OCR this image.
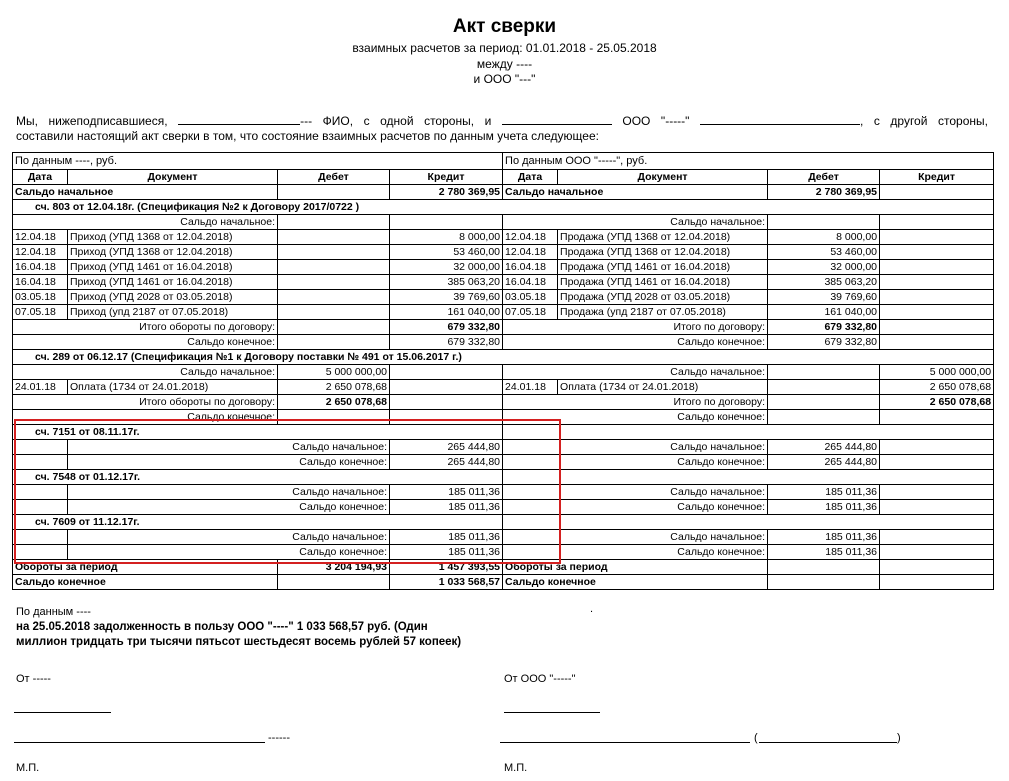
Акт сверки
взаимных расчетов за период: 01.01.2018 - 25.05.2018
между ----
и ООО "---"
Мы, нижеподписавшиеся,	--- ФИО, с одной стороны, и	ООО "-----"	, с другой стороны,
составили настоящий акт сверки в том, что состояние взаимных расчетов по данным учета следующее:
По данным ----, руб.				По данным ООО "-----", руб.			
Дата	Документ	Дебет	Кредит	Дата	Документ	Дебет	Кредит
Сальдо начальное			2 780 369,95	Сальдо начальное		2 780 369,95	
сч. 803 от 12.04.18г. (Спецификация №2 к Договору 2017/0722 )							
Сальдо начальное:				Сальдо начальное:			
12.04.18	Приход (УПД 1368 от 12.04.2018)		8 000,00	12.04.18	Продажа (УПД 1368 от 12.04.2018)	8 000,00	
12.04.18	Приход (УПД 1368 от 12.04.2018)		53 460,00	12.04.18	Продажа (УПД 1368 от 12.04.2018)	53 460,00	
16.04.18	Приход (УПД 1461 от 16.04.2018)		32 000,00	16.04.18	Продажа (УПД 1461 от 16.04.2018)	32 000,00	
16.04.18	Приход (УПД 1461 от 16.04.2018)		385 063,20	16.04.18	Продажа (УПД 1461 от 16.04.2018)	385 063,20	
03.05.18	Приход (УПД 2028 от 03.05.2018)		39 769,60	03.05.18	Продажа (УПД 2028 от 03.05.2018)	39 769,60	
07.05.18	Приход (упд 2187 от 07.05.2018)		161 040,00	07.05.18	Продажа (упд 2187 от 07.05.2018)	161 040,00	
Итого обороты по договору:			679 332,80	Итого по договору:		679 332,80	
Сальдо конечное:			679 332,80	Сальдо конечное:		679 332,80	
сч. 289 от 06.12.17 (Спецификация №1 к Договору поставки № 491 от 15.06.2017 г.)							
Сальдо начальное:		5 000 000,00		Сальдо начальное:			5 000 000,00
24.01.18	Оплата (1734 от 24.01.2018)	2 650 078,68		24.01.18	Оплата (1734 от 24.01.2018)		2 650 078,68
Итого обороты по договору:		2 650 078,68		Итого по договору:			2 650 078,68
Сальдо конечное:				Сальдо конечное:			
сч. 7151 от 08.11.17г.							
	Сальдо начальное:		265 444,80	Сальдо начальное:		265 444,80	
	Сальдо конечное:		265 444,80	Сальдо конечное:		265 444,80	
сч. 7548 от 01.12.17г.							
	Сальдо начальное:		185 011,36	Сальдо начальное:		185 011,36	
	Сальдо конечное:		185 011,36	Сальдо конечное:		185 011,36	
сч. 7609 от 11.12.17г.							
	Сальдо начальное:		185 011,36	Сальдо начальное:		185 011,36	
	Сальдо конечное:		185 011,36	Сальдо конечное:		185 011,36	
Обороты за период		3 204 194,93	1 457 393,55	Обороты за период			
Сальдо конечное			1 033 568,57	Сальдо конечное			
По данным ----	.
на 25.05.2018 задолженность в пользу ООО "----" 1 033 568,57 руб. (Один
миллион тридцать три тысячи пятьсот шестьдесят восемь рублей 57 копеек)
От -----	От ООО "-----"
------	(	)
М.П.	М.П.
